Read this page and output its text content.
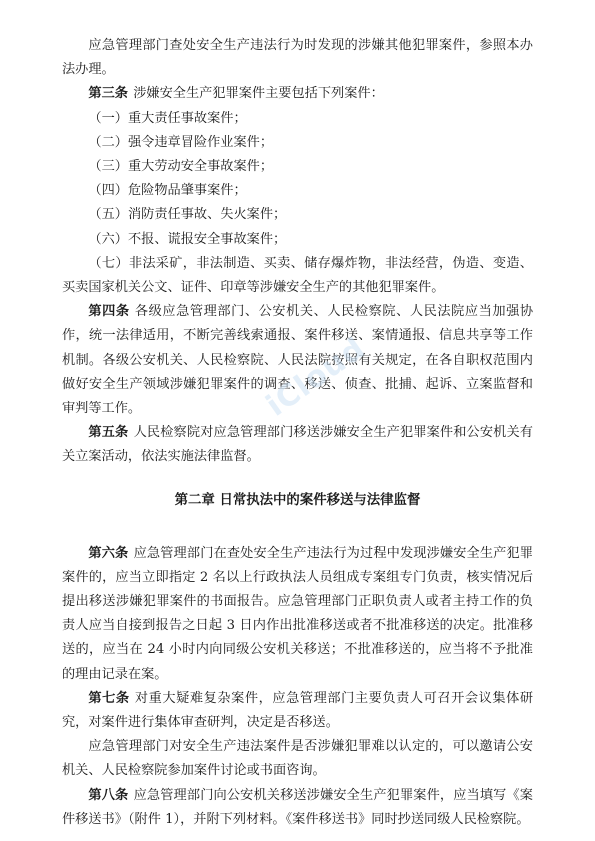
应急管理部门查处安全生产违法行为时发现的涉嫌其他犯罪案件，参照本办法办理。

第三条 涉嫌安全生产犯罪案件主要包括下列案件：

（一）重大责任事故案件；

（二）强令违章冒险作业案件；

（三）重大劳动安全事故案件；

（四）危险物品肇事案件；

（五）消防责任事故、失火案件；

（六）不报、谎报安全事故案件；

（七）非法采矿，非法制造、买卖、储存爆炸物，非法经营，伪造、变造、买卖国家机关公文、证件、印章等涉嫌安全生产的其他犯罪案件。

第四条 各级应急管理部门、公安机关、人民检察院、人民法院应当加强协作，统一法律适用，不断完善线索通报、案件移送、案情通报、信息共享等工作机制。各级公安机关、人民检察院、人民法院按照有关规定，在各自职权范围内做好安全生产领域涉嫌犯罪案件的调查、移送、侦查、批捕、起诉、立案监督和审判等工作。

第五条 人民检察院对应急管理部门移送涉嫌安全生产犯罪案件和公安机关有关立案活动，依法实施法律监督。

第二章 日常执法中的案件移送与法律监督

第六条 应急管理部门在查处安全生产违法行为过程中发现涉嫌安全生产犯罪案件的，应当立即指定 2 名以上行政执法人员组成专案组专门负责，核实情况后提出移送涉嫌犯罪案件的书面报告。应急管理部门正职负责人或者主持工作的负责人应当自接到报告之日起 3 日内作出批准移送或者不批准移送的决定。批准移送的，应当在 24 小时内向同级公安机关移送；不批准移送的，应当将不予批准的理由记录在案。

第七条 对重大疑难复杂案件，应急管理部门主要负责人可召开会议集体研究，对案件进行集体审查研判，决定是否移送。

应急管理部门对安全生产违法案件是否涉嫌犯罪难以认定的，可以邀请公安机关、人民检察院参加案件讨论或书面咨询。

第八条 应急管理部门向公安机关移送涉嫌安全生产犯罪案件，应当填写《案件移送书》（附件 1），并附下列材料。《案件移送书》同时抄送同级人民检察院。

iCloud
